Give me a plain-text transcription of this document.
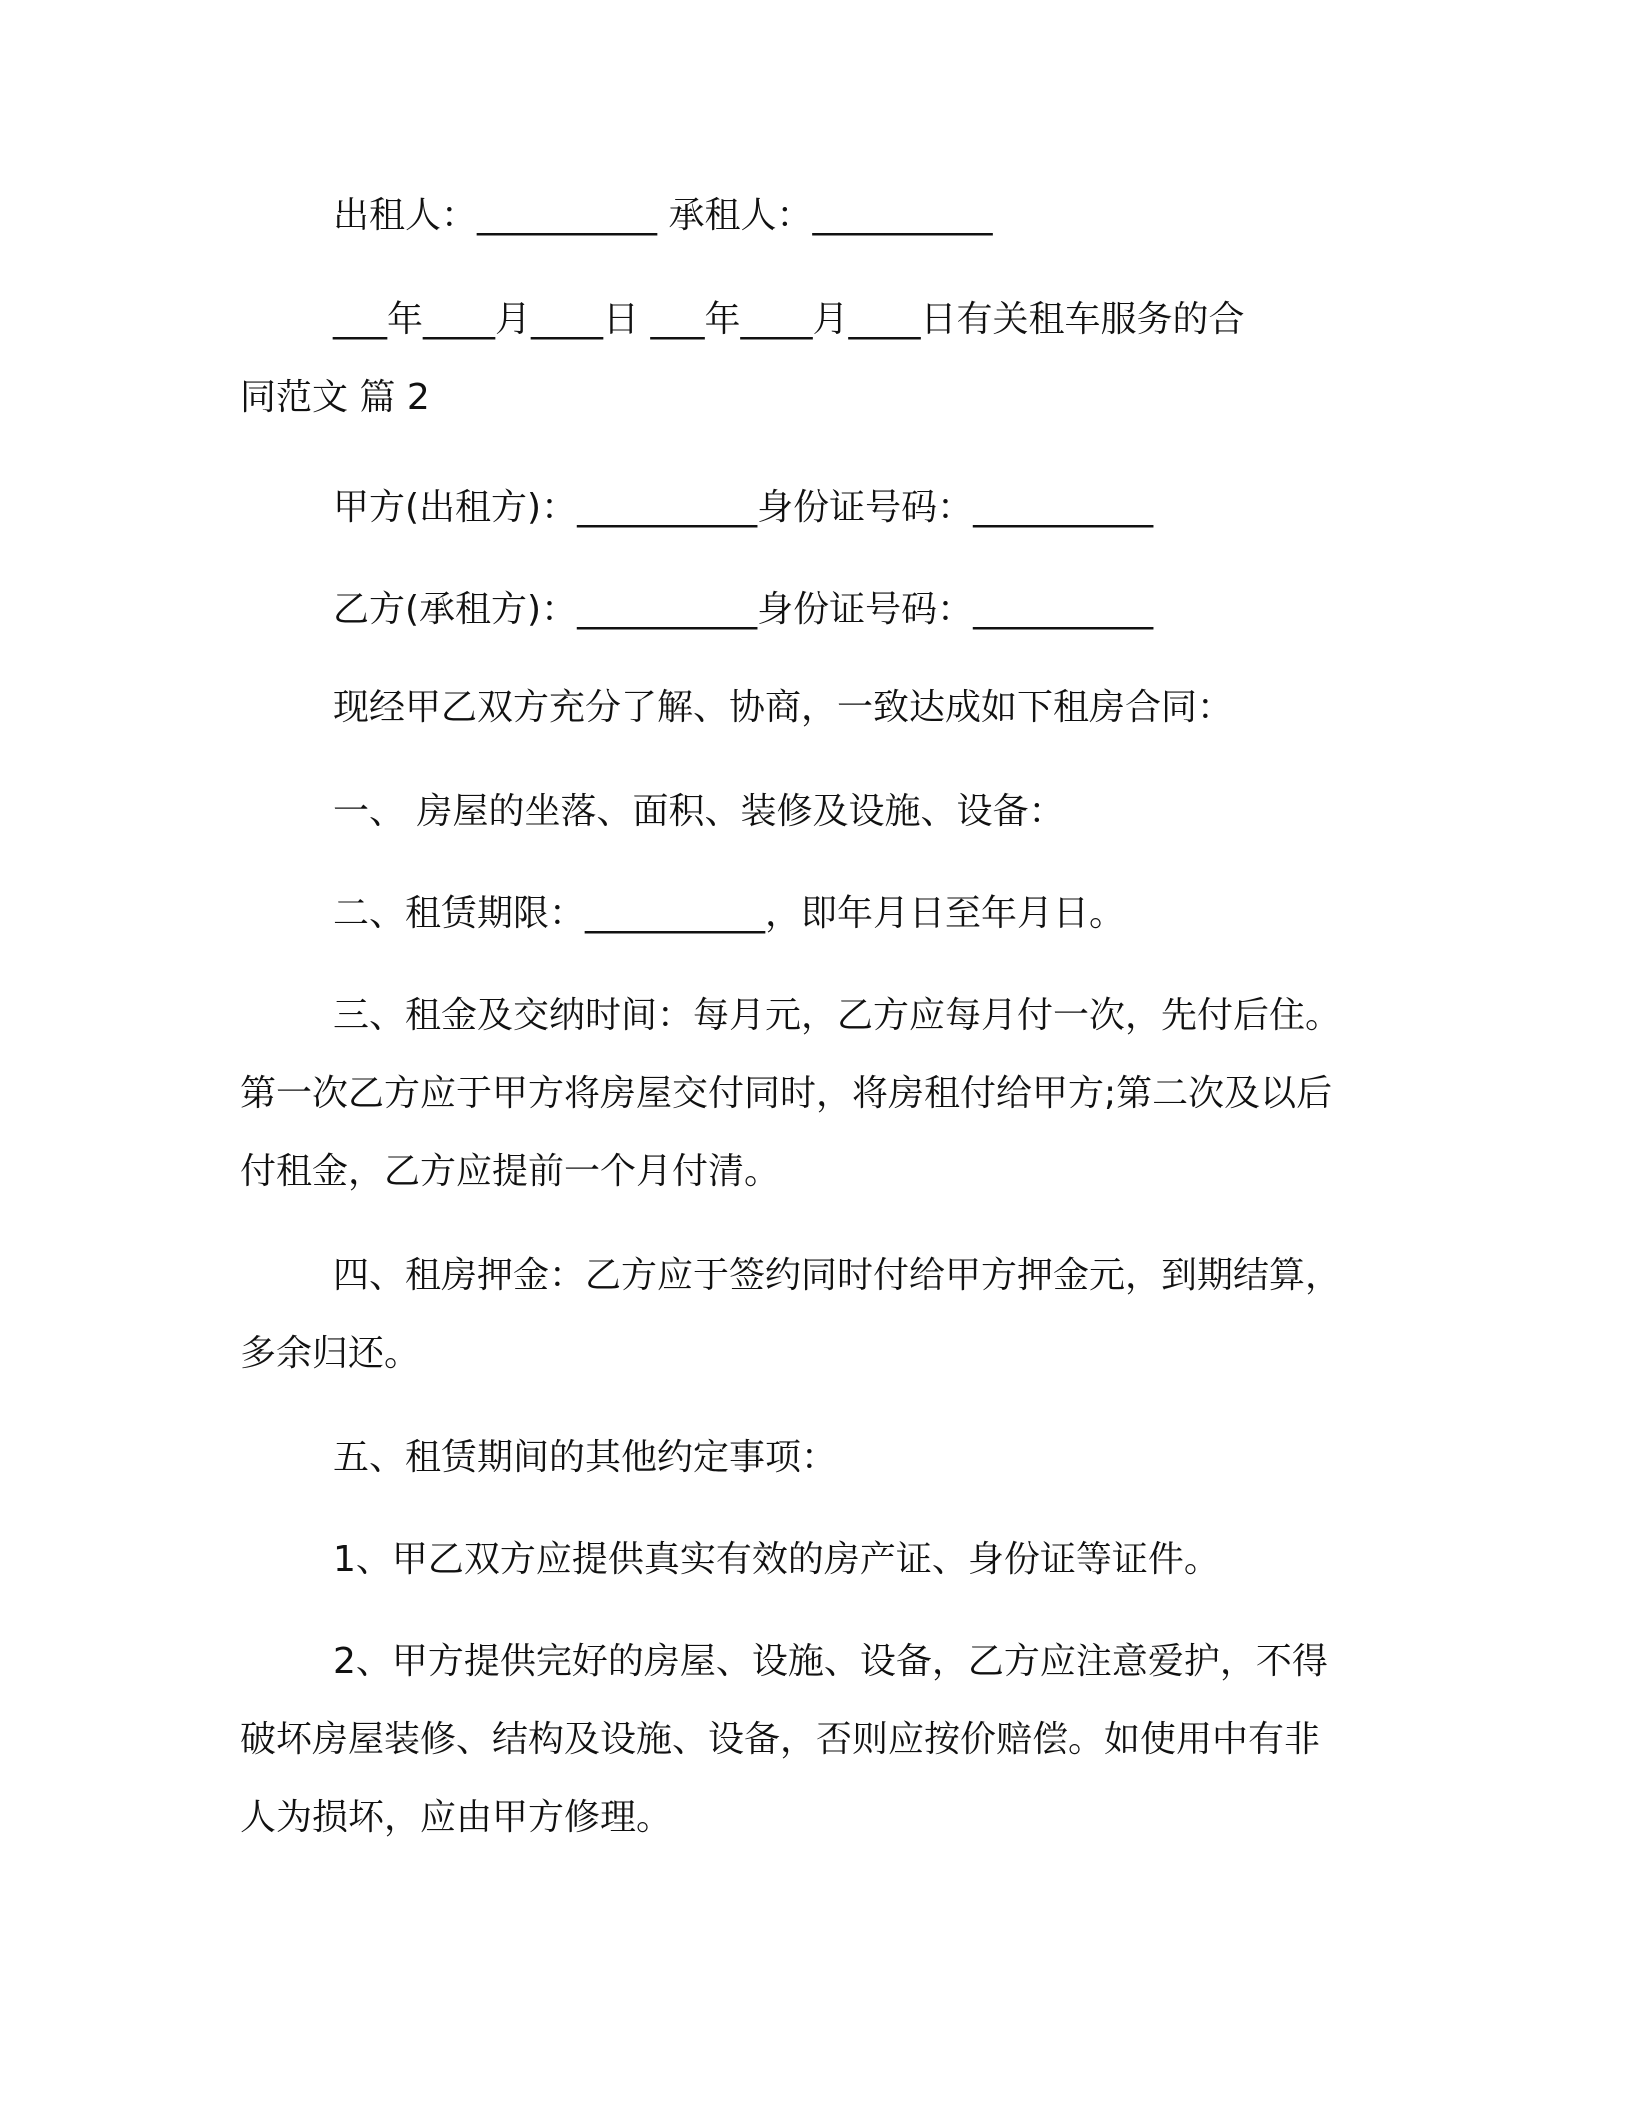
出租人：__________ 承租人：__________

___年____月____日 ___年____月____日有关租车服务的合

同范文 篇 2

甲方(出租方)：__________身份证号码：__________

乙方(承租方)：__________身份证号码：__________

现经甲乙双方充分了解、协商，一致达成如下租房合同：

一、 房屋的坐落、面积、装修及设施、设备：

二、租赁期限：__________，即年月日至年月日。

三、租金及交纳时间：每月元，乙方应每月付一次，先付后住。

第一次乙方应于甲方将房屋交付同时，将房租付给甲方;第二次及以后

付租金，乙方应提前一个月付清。

四、租房押金：乙方应于签约同时付给甲方押金元，到期结算，

多余归还。

五、租赁期间的其他约定事项：

1、甲乙双方应提供真实有效的房产证、身份证等证件。

2、甲方提供完好的房屋、设施、设备，乙方应注意爱护，不得

破坏房屋装修、结构及设施、设备，否则应按价赔偿。如使用中有非

人为损坏，应由甲方修理。
